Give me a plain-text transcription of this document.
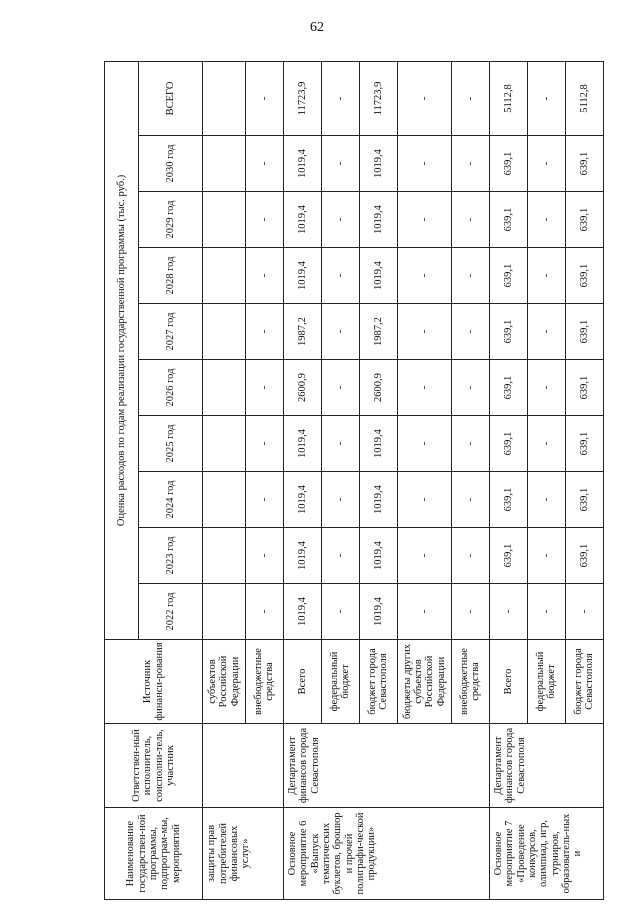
62
Наименование государствен-ной программы, подпрограм-мы, мероприятий	Ответствен-ный исполнитель, соисполни-тель, участник	Источник финанси-рования	Оценка расходов по годам реализации государственной программы (тыс. руб.)									
			2022 год	2023 год	2024 год	2025 год	2026 год	2027 год	2028 год	2029 год	2030 год	ВСЕГО
защиты прав потребителей финансовых услуг»		субъектов Российской Федерации										
		внебюджетные средства	-	-	-	-	-	-	-	-	-	-
Основное мероприятие 6 «Выпуск тематических буклетов, брошюр и прочей полиграфи-ческой продукции»	Департамент финансов города Севастополя	Всего	1019,4	1019,4	1019,4	1019,4	2600,9	1987,2	1019,4	1019,4	1019,4	11723,9
		федеральный бюджет	-	-	-	-	-	-	-	-	-	-
		бюджет города Севастополя	1019,4	1019,4	1019,4	1019,4	2600,9	1987,2	1019,4	1019,4	1019,4	11723,9
		бюджеты других субъектов Российской Федерации	-	-	-	-	-	-	-	-	-	-
		внебюджетные средства	-	-	-	-	-	-	-	-	-	-
Основное мероприятие 7 «Проведение конкурсов, олимпиад, игр, турниров, образователь-ных и	Департамент финансов города Севастополя	Всего	-	639,1	639,1	639,1	639,1	639,1	639,1	639,1	639,1	5112,8
		федеральный бюджет	-	-	-	-	-	-	-	-	-	-
		бюджет города Севастополя	-	639,1	639,1	639,1	639,1	639,1	639,1	639,1	639,1	5112,8
